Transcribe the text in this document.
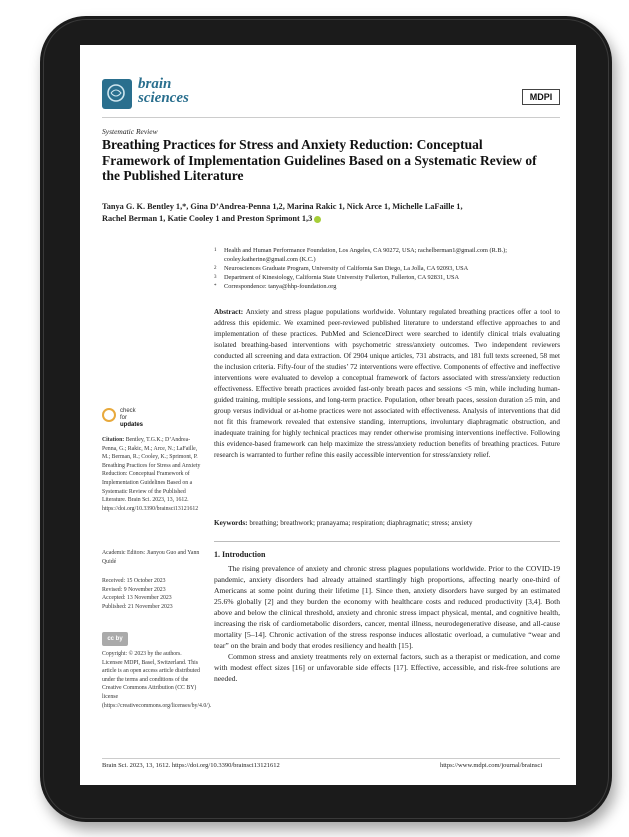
brain
sciences	MDPI
Systematic Review
Breathing Practices for Stress and Anxiety Reduction: Conceptual Framework of Implementation Guidelines Based on a Systematic Review of the Published Literature
Tanya G. K. Bentley 1,*, Gina D’Andrea-Penna 1,2, Marina Rakic 1, Nick Arce 1, Michelle LaFaille 1,
Rachel Berman 1, Katie Cooley 1 and Preston Sprimont 1,3
1 Health and Human Performance Foundation, Los Angeles, CA 90272, USA; rachelberman1@gmail.com (R.B.); cooley.katherine@gmail.com (K.C.)
2 Neurosciences Graduate Program, University of California San Diego, La Jolla, CA 92093, USA
3 Department of Kinesiology, California State University Fullerton, Fullerton, CA 92831, USA
* Correspondence: tanya@hhp-foundation.org
Abstract: Anxiety and stress plague populations worldwide. Voluntary regulated breathing practices offer a tool to address this epidemic. We examined peer-reviewed published literature to understand effective approaches to and implementation of these practices. PubMed and ScienceDirect were searched to identify clinical trials evaluating isolated breathing-based interventions with psychometric stress/anxiety outcomes. Two independent reviewers conducted all screening and data extraction. Of 2904 unique articles, 731 abstracts, and 181 full texts screened, 58 met the inclusion criteria. Fifty-four of the studies’ 72 interventions were effective. Components of effective and ineffective interventions were evaluated to develop a conceptual framework of factors associated with stress/anxiety reduction effectiveness. Effective breath practices avoided fast-only breath paces and sessions <5 min, while including human-guided training, multiple sessions, and long-term practice. Population, other breath paces, session duration ≥5 min, and group versus individual or at-home practices were not associated with effectiveness. Analysis of interventions that did not fit this framework revealed that extensive standing, interruptions, involuntary diaphragmatic obstruction, and inadequate training for highly technical practices may render otherwise promising interventions ineffective. Following this evidence-based framework can help maximize the stress/anxiety reduction benefits of breathing practices. Future research is warranted to further refine this easily accessible intervention for stress/anxiety relief.
Keywords: breathing; breathwork; pranayama; respiration; diaphragmatic; stress; anxiety
check for
updates
Citation: Bentley, T.G.K.; D’Andrea-Penna, G.; Rakic, M.; Arce, N.; LaFaille, M.; Berman, R.; Cooley, K.; Sprimont, P. Breathing Practices for Stress and Anxiety Reduction: Conceptual Framework of Implementation Guidelines Based on a Systematic Review of the Published Literature. Brain Sci. 2023, 13, 1612. https://doi.org/10.3390/brainsci13121612
Academic Editors: Jianyou Guo and Yann Quidé
Received: 15 October 2023
Revised: 9 November 2023
Accepted: 13 November 2023
Published: 21 November 2023
cc by
Copyright: © 2023 by the authors. Licensee MDPI, Basel, Switzerland. This article is an open access article distributed under the terms and conditions of the Creative Commons Attribution (CC BY) license (https://creativecommons.org/licenses/by/4.0/).
1. Introduction

The rising prevalence of anxiety and chronic stress plagues populations worldwide. Prior to the COVID-19 pandemic, anxiety disorders had already attained startlingly high proportions, affecting nearly one-third of Americans at some point during their lifetime [1]. Since then, anxiety disorders have surged by an estimated 25.6% globally [2] and they burden the economy with healthcare costs and reduced productivity [3,4]. Both above and below the clinical threshold, anxiety and chronic stress impact physical, mental, and cognitive health, increasing the risk of cardiometabolic disorders, cancer, mental illness, neurodegenerative disease, and all-cause mortality [5–14]. Chronic activation of the stress response induces allostatic overload, a cumulative “wear and tear” on the brain and body that erodes resiliency and health [15].

Common stress and anxiety treatments rely on external factors, such as a therapist or medication, and come with modest effect sizes [16] or unfavorable side effects [17]. Effective, accessible, and risk-free solutions are needed.

Brain Sci. 2023, 13, 1612. https://doi.org/10.3390/brainsci13121612	https://www.mdpi.com/journal/brainsci
